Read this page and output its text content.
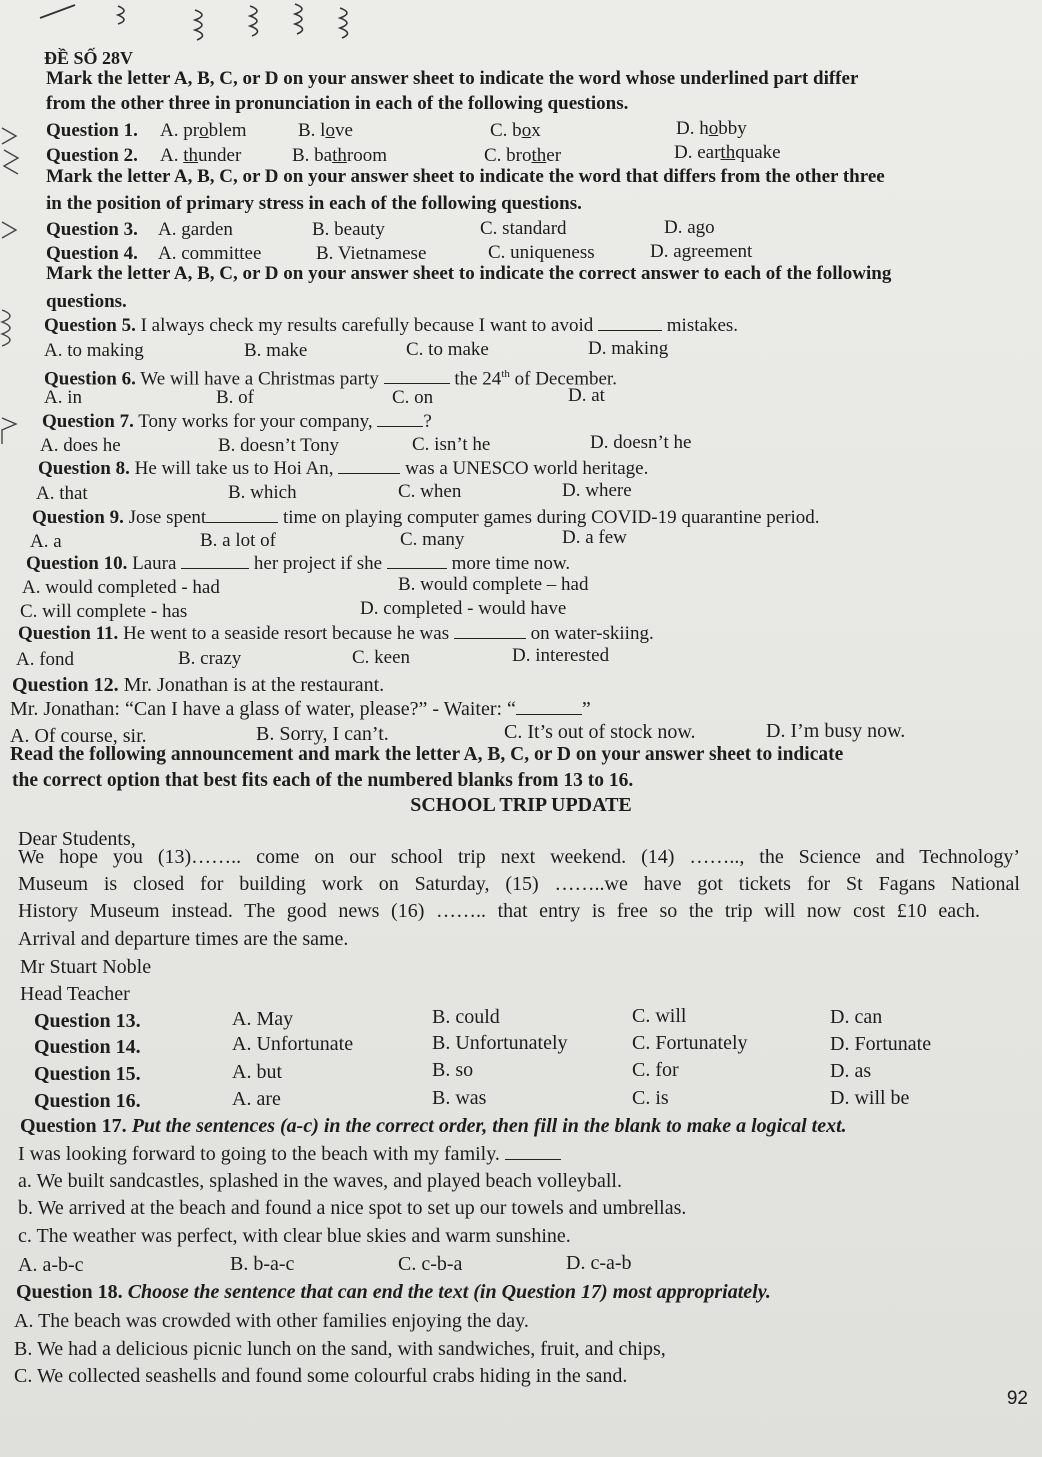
ĐỀ SỐ 28V
Mark the letter A, B, C, or D on your answer sheet to indicate the word whose underlined part differ
from the other three in pronunciation in each of the following questions.
Question 1. A. problem	B. love	C. box	D. hobby
Question 2. A. thunder	B. bathroom	C. brother	D. earthquake
Mark the letter A, B, C, or D on your answer sheet to indicate the word that differs from the other three
in the position of primary stress in each of the following questions.
Question 3. A. garden	B. beauty	C. standard	D. ago
Question 4. A. committee	B. Vietnamese	C. uniqueness	D. agreement
Mark the letter A, B, C, or D on your answer sheet to indicate the correct answer to each of the following
questions.
Question 5. I always check my results carefully because I want to avoid	mistakes.
A. to making	B. make	C. to make	D. making
Question 6. We will have a Christmas party	the 24th of December.
A. in	B. of	C. on	D. at
Question 7. Tony works for your company,	?
A. does he	B. doesn’t Tony	C. isn’t he	D. doesn’t he
Question 8. He will take us to Hoi An,	was a UNESCO world heritage.
A. that	B. which	C. when	D. where
Question 9. Jose spent	time on playing computer games during COVID-19 quarantine period.
A. a	B. a lot of	C. many	D. a few
Question 10. Laura	her project if she	more time now.
A. would completed - had	B. would complete – had
C. will complete - has	D. completed - would have
Question 11. He went to a seaside resort because he was	on water-skiing.
A. fond	B. crazy	C. keen	D. interested
Question 12. Mr. Jonathan is at the restaurant.
Mr. Jonathan: “Can I have a glass of water, please?” - Waiter: “	”
A. Of course, sir.	B. Sorry, I can’t.	C. It’s out of stock now.	D. I’m busy now.
Read the following announcement and mark the letter A, B, C, or D on your answer sheet to indicate
the correct option that best fits each of the numbered blanks from 13 to 16.
SCHOOL TRIP UPDATE
Dear Students,
We hope you (13)…….. come on our school trip next weekend. (14) …….., the Science and Technology’
Museum is closed for building work on Saturday, (15) ……..we have got tickets for St Fagans National
History Museum instead. The good news (16) …….. that entry is free so the trip will now cost £10 each.
Arrival and departure times are the same.
Mr Stuart Noble
Head Teacher
Question 13.	A. May	B. could	C. will	D. can
Question 14.	A. Unfortunate	B. Unfortunately	C. Fortunately	D. Fortunate
Question 15.	A. but	B. so	C. for	D. as
Question 16.	A. are	B. was	C. is	D. will be
Question 17. Put the sentences (a-c) in the correct order, then fill in the blank to make a logical text.
I was looking forward to going to the beach with my family.
a. We built sandcastles, splashed in the waves, and played beach volleyball.
b. We arrived at the beach and found a nice spot to set up our towels and umbrellas.
c. The weather was perfect, with clear blue skies and warm sunshine.
A. a-b-c	B. b-a-c	C. c-b-a	D. c-a-b
Question 18. Choose the sentence that can end the text (in Question 17) most appropriately.
A. The beach was crowded with other families enjoying the day.
B. We had a delicious picnic lunch on the sand, with sandwiches, fruit, and chips,
C. We collected seashells and found some colourful crabs hiding in the sand.
92
